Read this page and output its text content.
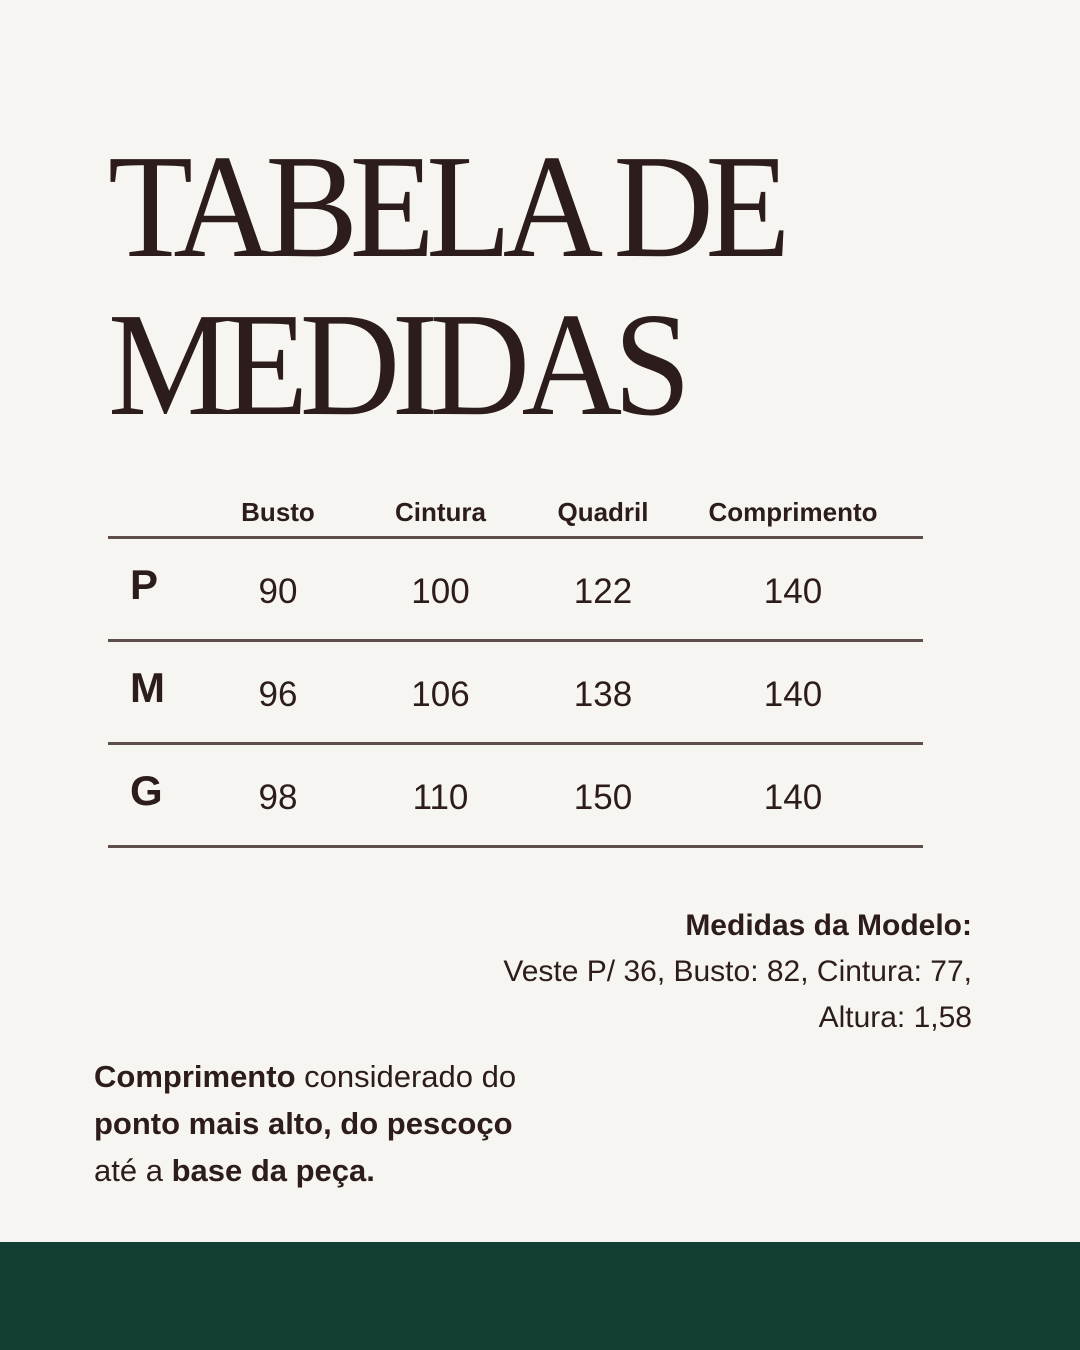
TABELA DE
MEDIDAS
	Busto	Cintura	Quadril	Comprimento
P	90	100	122	140
M	96	106	138	140
G	98	110	150	140
Medidas da Modelo:
Veste P/ 36, Busto: 82, Cintura: 77,
Altura: 1,58
Comprimento considerado do
ponto mais alto, do pescoço
até a base da peça.
